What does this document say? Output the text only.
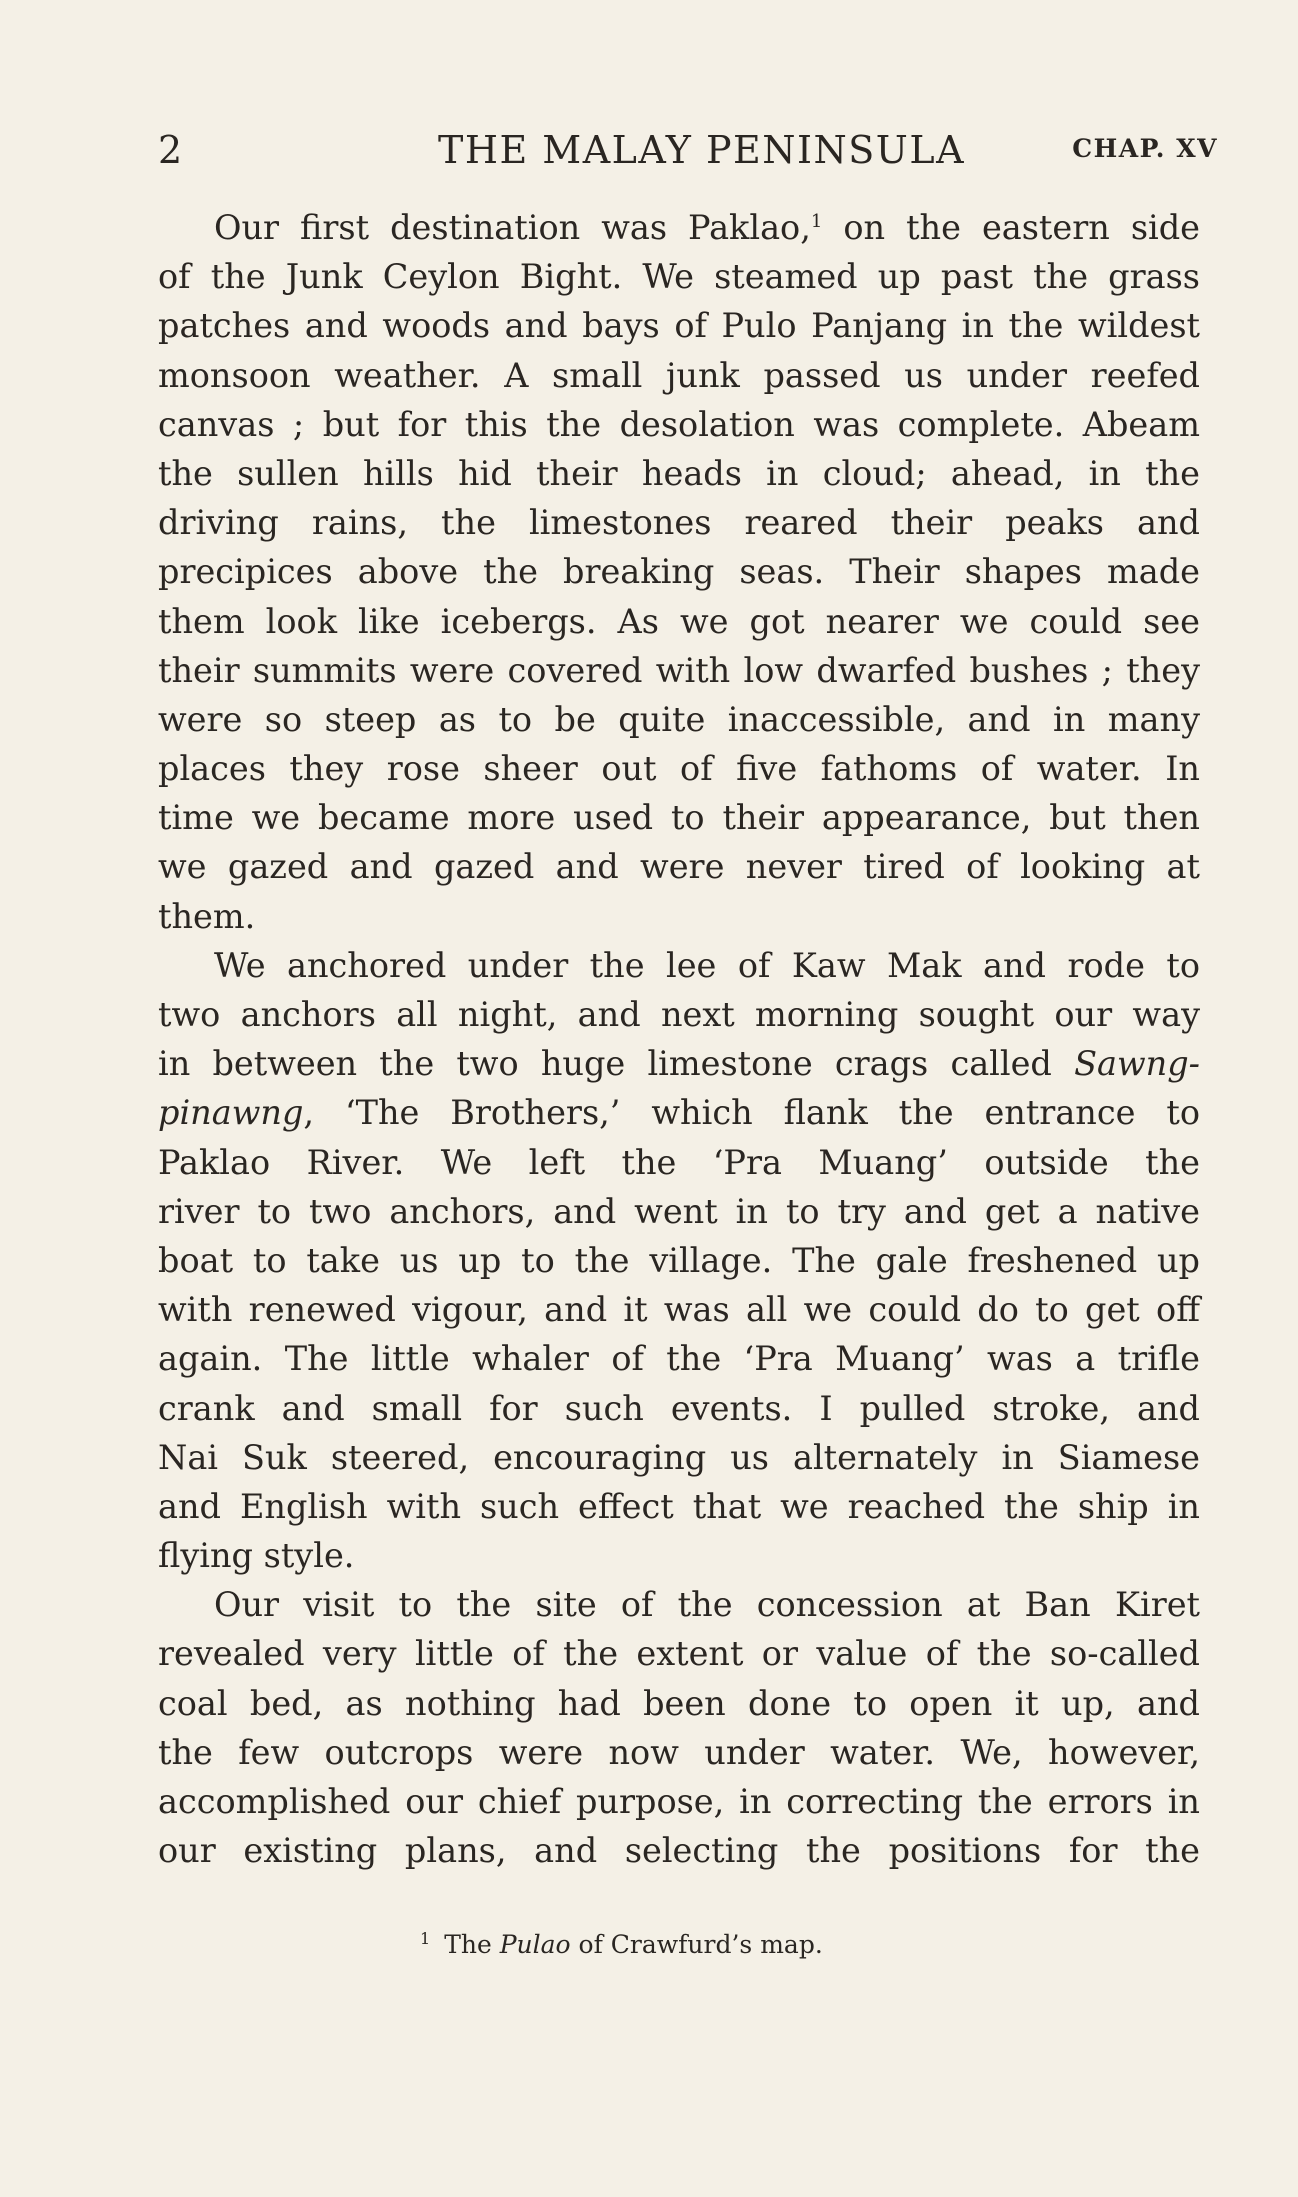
2	THE MALAY PENINSULA	CHAP. XV
Our first destination was Paklao,$^1$ on the eastern side
of the Junk Ceylon Bight. We steamed up past the grass
patches and woods and bays of Pulo Panjang in the wildest
monsoon weather. A small junk passed us under reefed
canvas ; but for this the desolation was complete. Abeam
the sullen hills hid their heads in cloud; ahead, in the
driving rains, the limestones reared their peaks and
precipices above the breaking seas. Their shapes made
them look like icebergs. As we got nearer we could see
their summits were covered with low dwarfed bushes ; they
were so steep as to be quite inaccessible, and in many
places they rose sheer out of five fathoms of water. In
time we became more used to their appearance, but then
we gazed and gazed and were never tired of looking at
them.
We anchored under the lee of Kaw Mak and rode to
two anchors all night, and next morning sought our way
in between the two huge limestone crags called Sawng-
pinawng, ‘The Brothers,’ which flank the entrance to
Paklao River. We left the ‘Pra Muang’ outside the
river to two anchors, and went in to try and get a native
boat to take us up to the village. The gale freshened up
with renewed vigour, and it was all we could do to get off
again. The little whaler of the ‘Pra Muang’ was a trifle
crank and small for such events. I pulled stroke, and
Nai Suk steered, encouraging us alternately in Siamese
and English with such effect that we reached the ship in
flying style.
Our visit to the site of the concession at Ban Kiret
revealed very little of the extent or value of the so-called
coal bed, as nothing had been done to open it up, and
the few outcrops were now under water. We, however,
accomplished our chief purpose, in correcting the errors in
our existing plans, and selecting the positions for the
$^1$ The Pulao of Crawfurd’s map.
